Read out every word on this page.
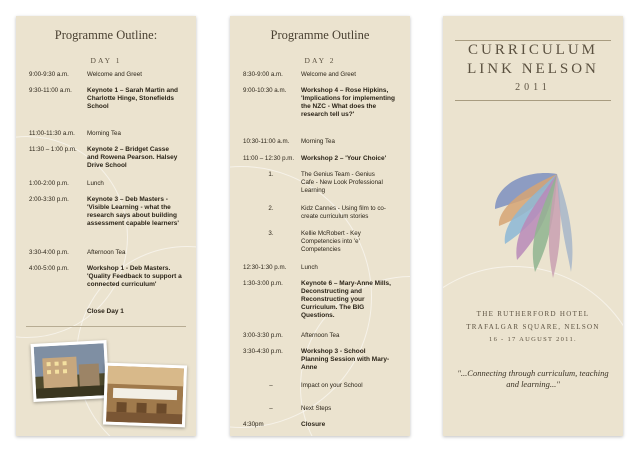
Programme Outline:
DAY 1
9:00-9:30 a.m.	Welcome and Greet
9:30-11:00 a.m.	Keynote 1 – Sarah Martin and Charlotte Hinge, Stonefields School
11:00-11:30 a.m.	Morning Tea
11:30 – 1:00 p.m.	Keynote 2 – Bridget Casse and Rowena Pearson. Halsey Drive School
1:00-2:00 p.m.	Lunch
2:00-3:30 p.m.	Keynote 3 – Deb Masters - 'Visible Learning - what the research says about building assessment capable learners'
3:30-4:00 p.m.	Afternoon Tea
4:00-5:00 p.m.	Workshop 1 - Deb Masters. 'Quality Feedback to support a connected curriculum'
Close Day 1
Programme Outline
DAY 2
8:30-9:00 a.m.	Welcome and Greet
9:00-10:30 a.m.	Workshop 4 – Rose Hipkins, 'Implications for implementing the NZC - What does the research tell us?'
10:30-11:00 a.m.	Morning Tea
11:00 – 12:30 p.m.	Workshop 2 – 'Your Choice'
1.	The Genius Team - Genius Cafe - New Look Professional Learning
2.	Kidz Cannes - Using film to co-create curriculum stories
3.	Kellie McRobert - Key Competencies into 'e' Competencies
12:30-1:30 p.m.	Lunch
1:30-3:00 p.m.	Keynote 6 – Mary-Anne Mills, Deconstructing and Reconstructing your Curriculum. The BIG Questions.
3:00-3:30 p.m.	Afternoon Tea
3:30-4:30 p.m.	Workshop 3 - School Planning Session with Mary- Anne
–	Impact on your School
–	Next Steps
4:30pm	Closure
CURRICULUM
LINK NELSON
2011
THE RUTHERFORD HOTEL
TRAFALGAR SQUARE, NELSON
16 - 17 AUGUST 2011.
"...Connecting through curriculum, teaching and learning..."
